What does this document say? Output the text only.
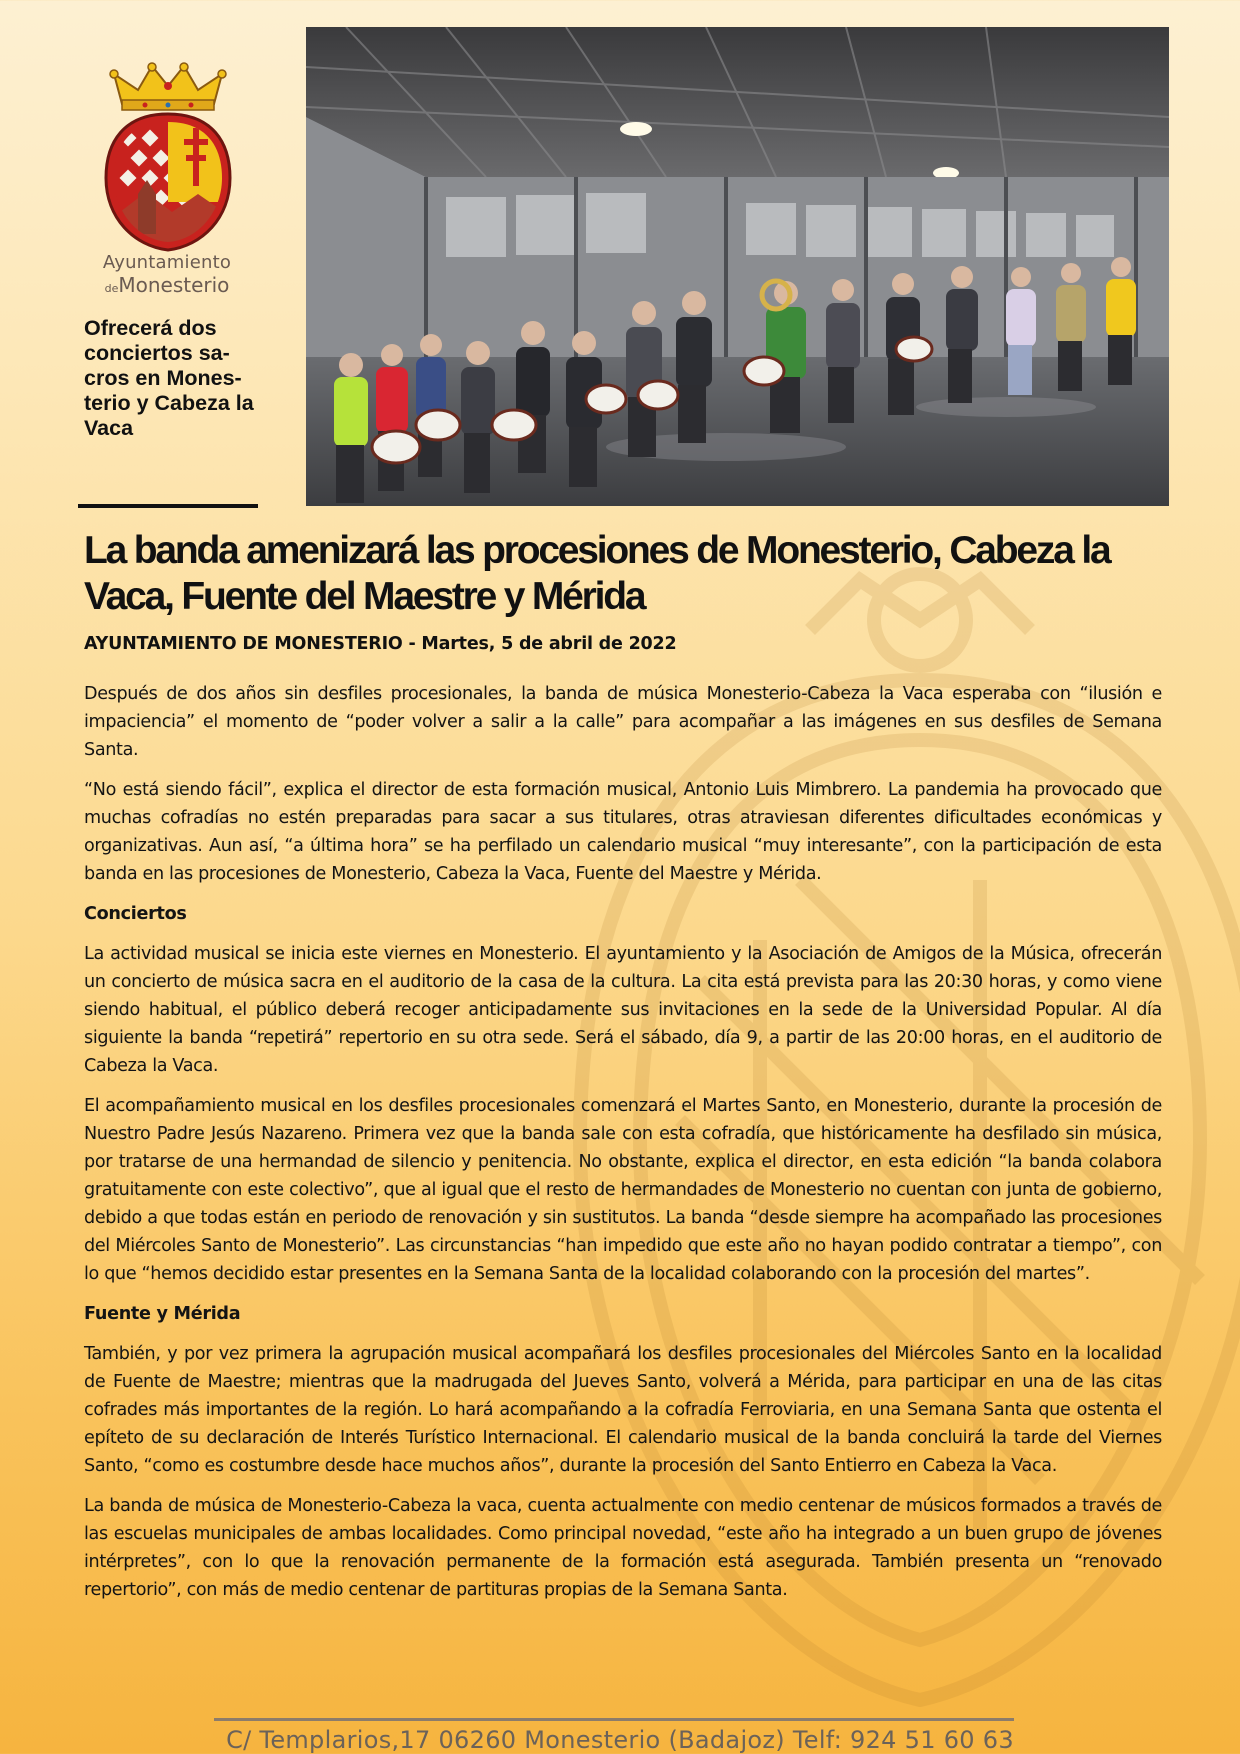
Ayuntamiento
deMonesterio
Ofrecerá dos conciertos sacros en Monesterio y Cabeza la Vaca
La banda amenizará las procesiones de Monesterio, Cabeza la Vaca, Fuente del Maestre y Mérida
AYUNTAMIENTO DE MONESTERIO - Martes, 5 de abril de 2022

Después de dos años sin desfiles procesionales, la banda de música Monesterio-Cabeza la Vaca esperaba con “ilusión e impaciencia” el momento de “poder volver a salir a la calle” para acompañar a las imágenes en sus desfiles de Semana Santa.

“No está siendo fácil”, explica el director de esta formación musical, Antonio Luis Mimbrero. La pandemia ha provocado que muchas cofradías no estén preparadas para sacar a sus titulares, otras atraviesan diferentes dificultades económicas y organizativas. Aun así, “a última hora” se ha perfilado un calendario musical “muy interesante”, con la participación de esta banda en las procesiones de Monesterio, Cabeza la Vaca, Fuente del Maestre y Mérida.

Conciertos

La actividad musical se inicia este viernes en Monesterio. El ayuntamiento y la Asociación de Amigos de la Música, ofrecerán un concierto de música sacra en el auditorio de la casa de la cultura. La cita está prevista para las 20:30 horas, y como viene siendo habitual, el público deberá recoger anticipadamente sus invitaciones en la sede de la Universidad Popular. Al día siguiente la banda “repetirá” repertorio en su otra sede. Será el sábado, día 9, a partir de las 20:00 horas, en el auditorio de Cabeza la Vaca.

El acompañamiento musical en los desfiles procesionales comenzará el Martes Santo, en Monesterio, durante la procesión de Nuestro Padre Jesús Nazareno. Primera vez que la banda sale con esta cofradía, que históricamente ha desfilado sin música, por tratarse de una hermandad de silencio y penitencia. No obstante, explica el director, en esta edición “la banda colabora gratuitamente con este colectivo”, que al igual que el resto de hermandades de Monesterio no cuentan con junta de gobierno, debido a que todas están en periodo de renovación y sin sustitutos. La banda “desde siempre ha acompañado las procesiones del Miércoles Santo de Monesterio”. Las circunstancias “han impedido que este año no hayan podido contratar a tiempo”, con lo que “hemos decidido estar presentes en la Semana Santa de la localidad colaborando con la procesión del martes”.

Fuente y Mérida

También, y por vez primera la agrupación musical acompañará los desfiles procesionales del Miércoles Santo en la localidad de Fuente de Maestre; mientras que la madrugada del Jueves Santo, volverá a Mérida, para participar en una de las citas cofrades más importantes de la región. Lo hará acompañando a la cofradía Ferroviaria, en una Semana Santa que ostenta el epíteto de su declaración de Interés Turístico Internacional. El calendario musical de la banda concluirá la tarde del Viernes Santo, “como es costumbre desde hace muchos años”, durante la procesión del Santo Entierro en Cabeza la Vaca.

La banda de música de Monesterio-Cabeza la vaca, cuenta actualmente con medio centenar de músicos formados a través de las escuelas municipales de ambas localidades. Como principal novedad, “este año ha integrado a un buen grupo de jóvenes intérpretes”, con lo que la renovación permanente de la formación está asegurada. También presenta un “renovado repertorio”, con más de medio centenar de partituras propias de la Semana Santa.

C/ Templarios,17 06260 Monesterio (Badajoz) Telf: 924 51 60 63
